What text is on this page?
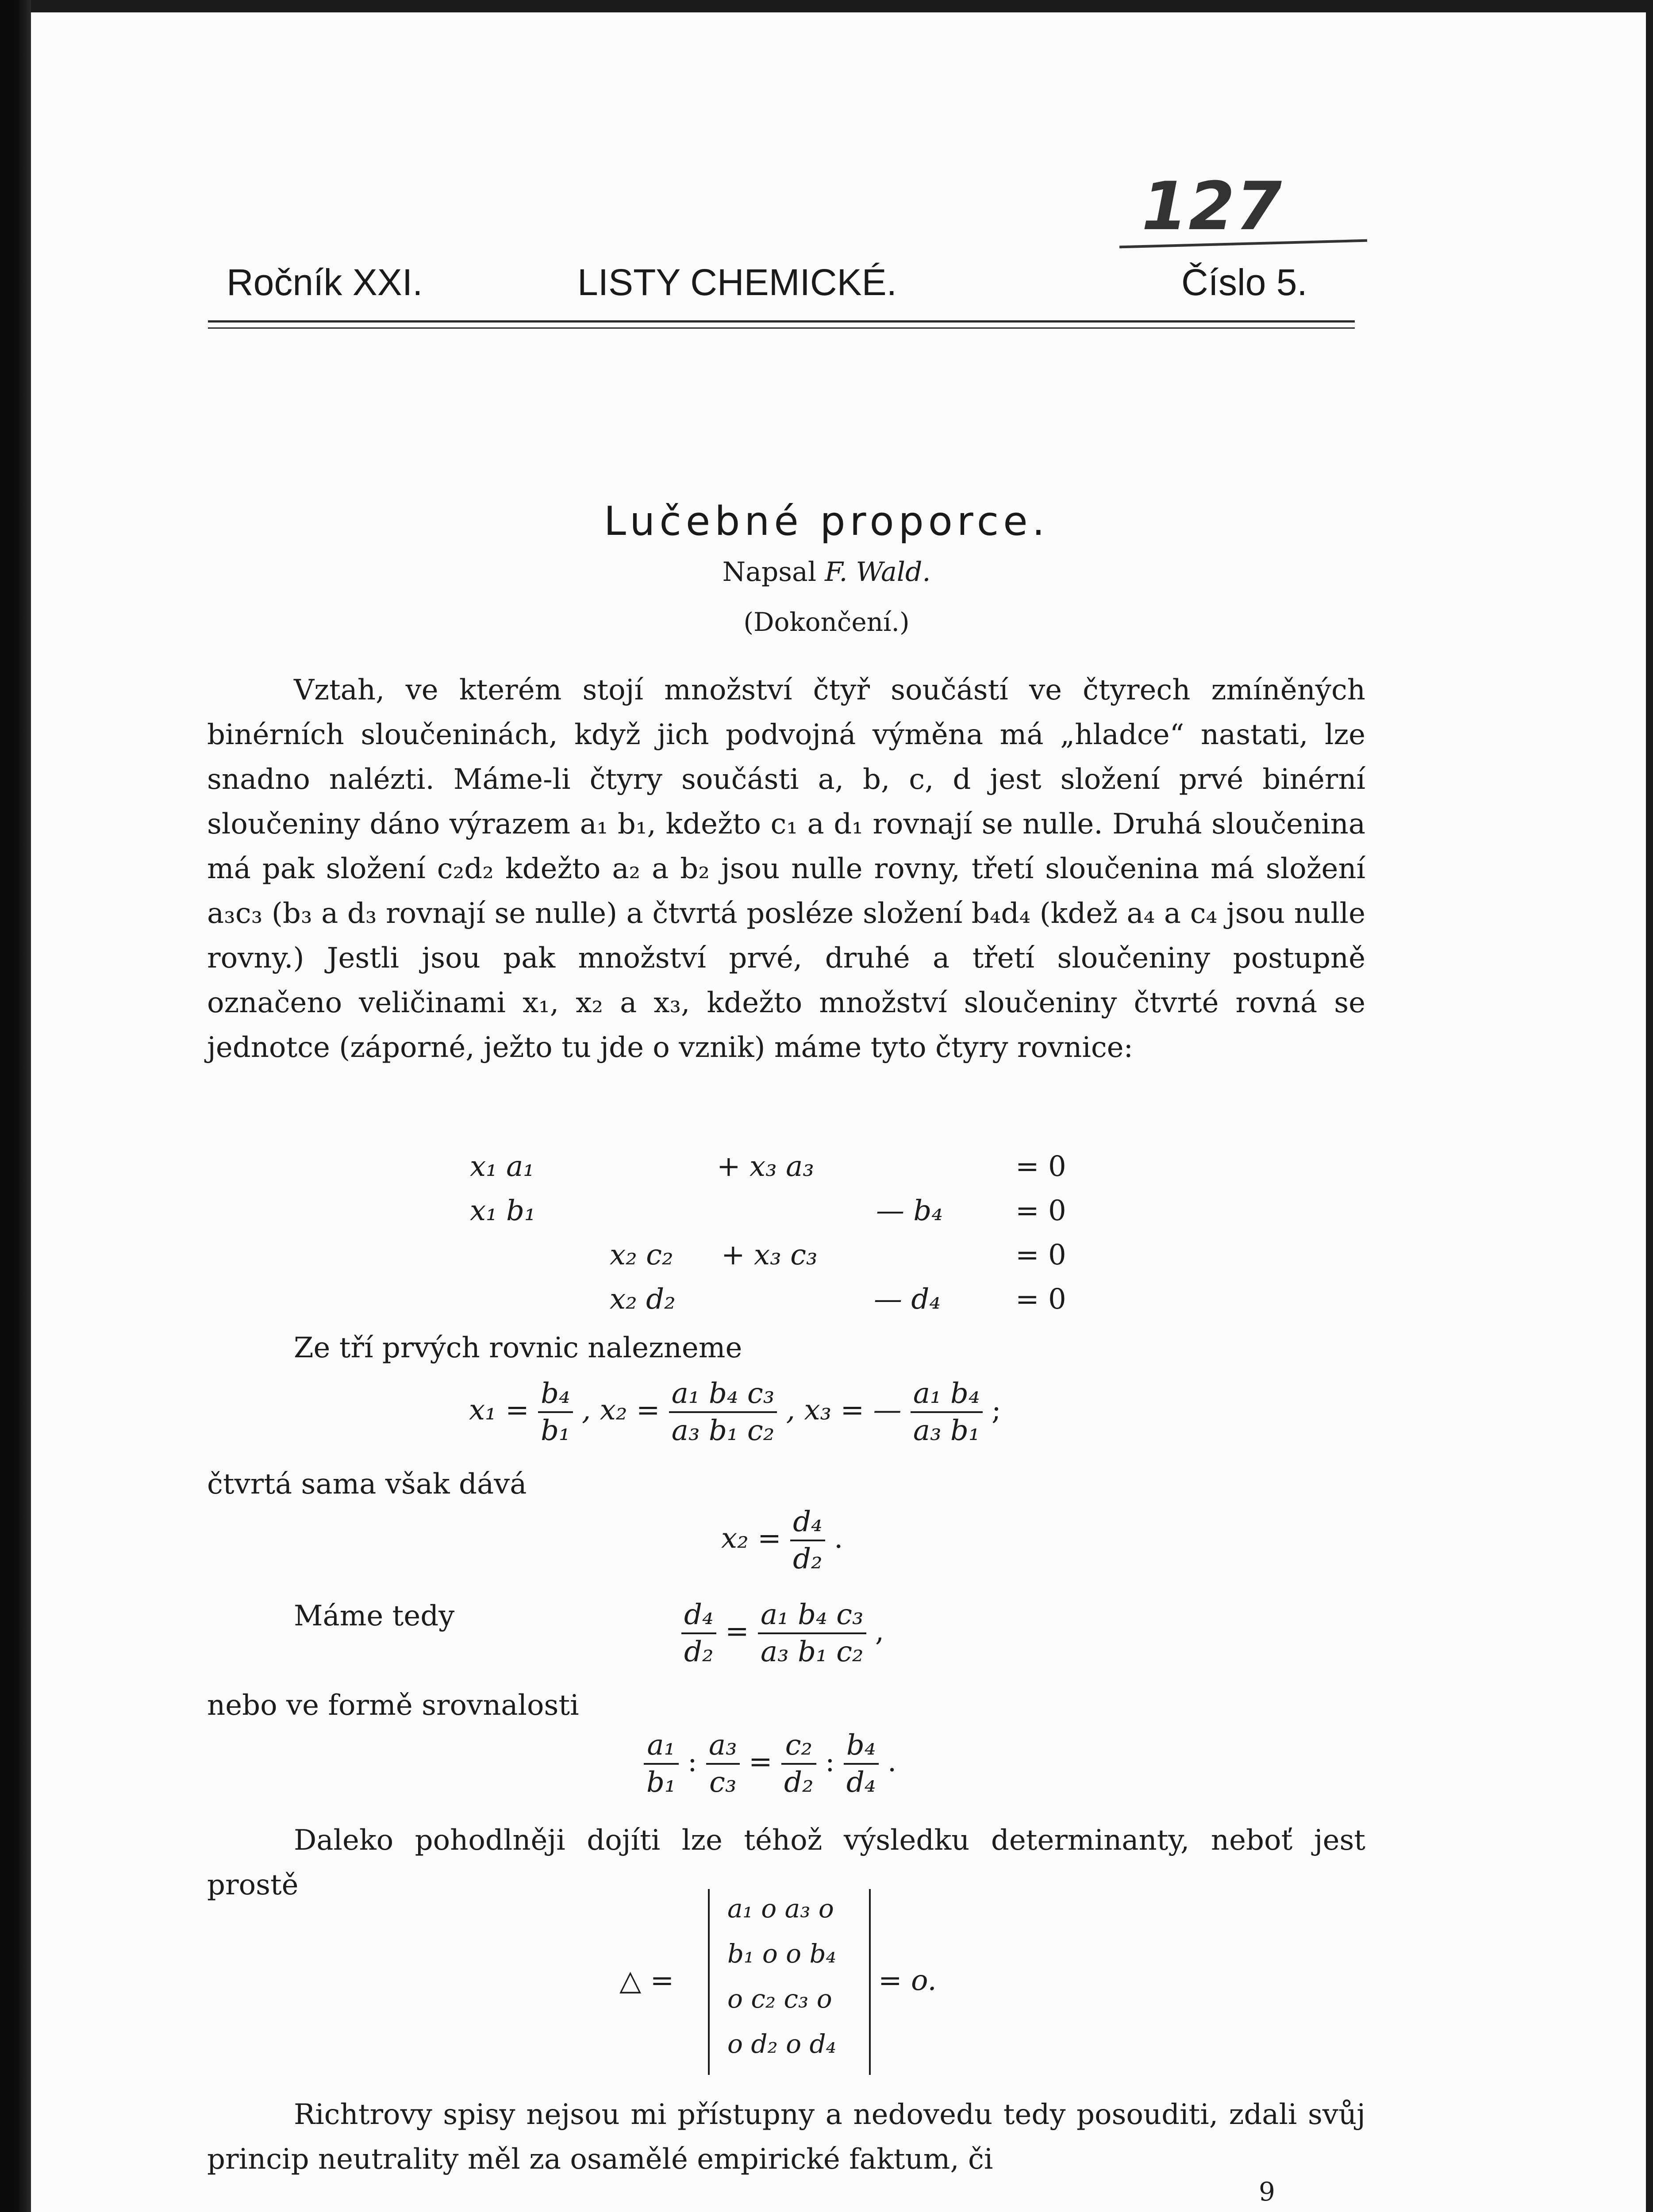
127
Ročník XXI.	LISTY CHEMICKÉ.	Číslo 5.
Lučebné proporce.
Napsal F. Wald.
(Dokončení.)
Vztah, ve kterém stojí množství čtyř součástí ve čtyrech zmíněných binérních sloučeninách, když jich podvojná výměna má „hladce“ nastati, lze snadno nalézti. Máme-li čtyry součásti a, b, c, d jest složení prvé binérní sloučeniny dáno výrazem a₁ b₁, kdežto c₁ a d₁ rovnají se nulle. Druhá sloučenina má pak složení c₂d₂ kdežto a₂ a b₂ jsou nulle rovny, třetí sloučenina má složení a₃c₃ (b₃ a d₃ rovnají se nulle) a čtvrtá posléze složení b₄d₄ (kdež a₄ a c₄ jsou nulle rovny.) Jestli jsou pak množství prvé, druhé a třetí sloučeniny postupně označeno veličinami x₁, x₂ a x₃, kdežto množství sloučeniny čtvrté rovná se jednotce (záporné, ježto tu jde o vznik) máme tyto čtyry rovnice:
x₁ a₁	+ x₃ a₃	= 0
x₁ b₁	— b₄	= 0
x₂ c₂ + x₃ c₃	= 0
x₂ d₂	— d₄	= 0
Ze tří prvých rovnic nalezneme
$x_1 = \frac{\text{b₄}}{\text{b₁}}$ , $x_2 = \frac{\text{a₁ b₄ c₃}}{\text{a₃ b₁ c₂}}$ , x₃ = — $\frac{\text{a₁ b₄}}{\text{a₃ b₁}}$ ;
čtvrtá sama však dává
$x_2 = \frac{\text{d₄}}{\text{d₂}}$ .
Máme tedy	$\frac{\text{d₄}}{\text{d₂}} = \frac{\text{a₁ b₄ c₃}}{\text{a₃ b₁ c₂}}$ ,
nebo ve formě srovnalosti
$\frac{\text{a₁}}{\text{b₁}}$ : $\frac{\text{a₃}}{\text{c₃}} = \frac{\text{c₂}}{\text{d₂}}$ : $\frac{\text{b₄}}{\text{d₄}}$ .
Daleko pohodlněji dojíti lze téhož výsledku determinanty, neboť jest prostě
△ =
a₁ o a₃ o
b₁ o o b₄
o c₂ c₃ o
o d₂ o d₄
= o.
Richtrovy spisy nejsou mi přístupny a nedovedu tedy posouditi, zdali svůj princip neutrality měl za osamělé empirické faktum, či
9
